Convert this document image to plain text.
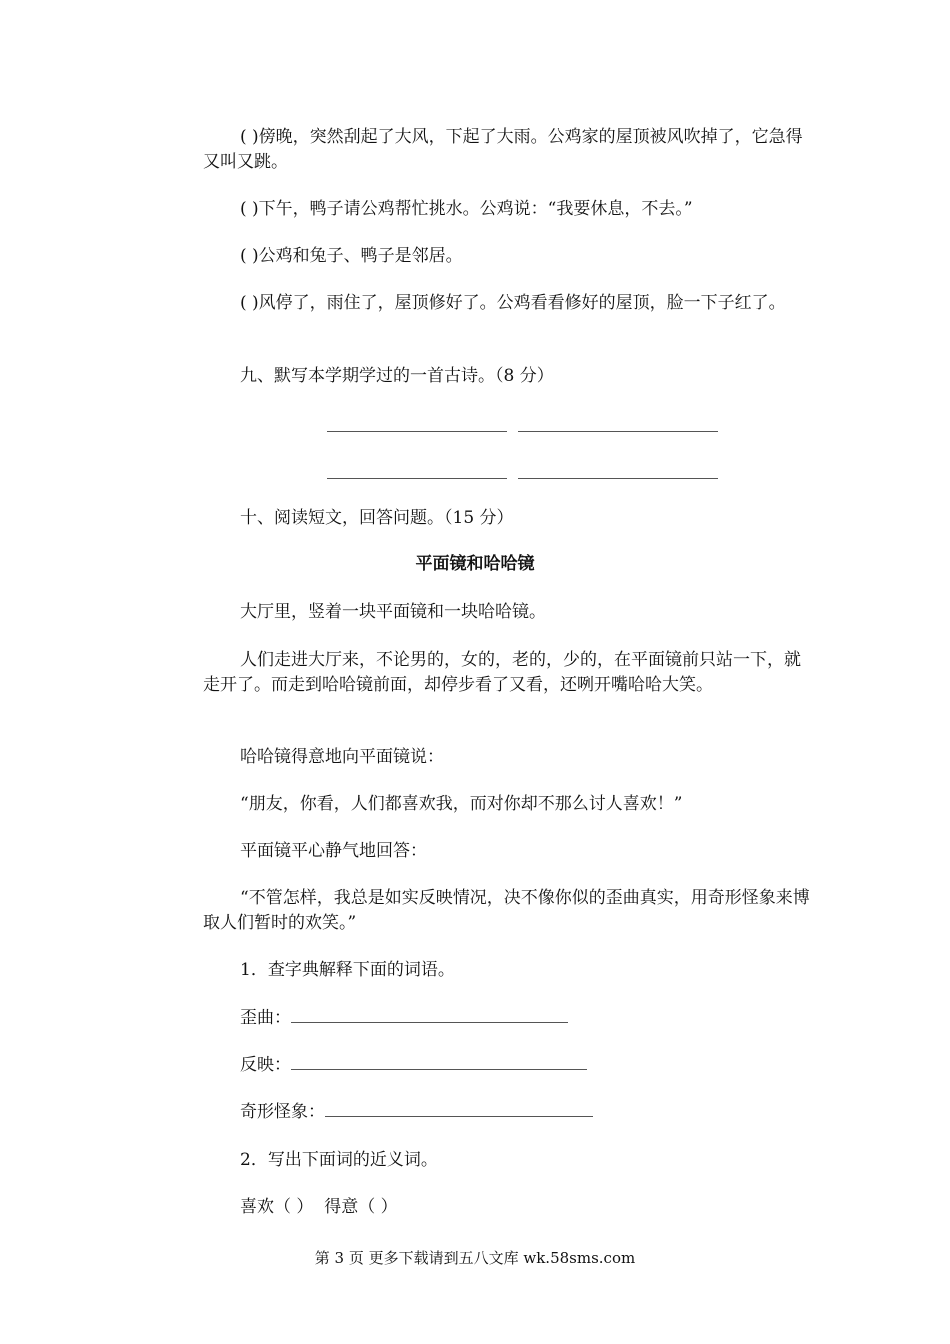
( )傍晚，突然刮起了大风，下起了大雨。公鸡家的屋顶被风吹掉了，它急得又叫又跳。

( )下午，鸭子请公鸡帮忙挑水。公鸡说：“我要休息，不去。”

( )公鸡和兔子、鸭子是邻居。

( )风停了，雨住了，屋顶修好了。公鸡看看修好的屋顶，脸一下子红了。

九、默写本学期学过的一首古诗。（8 分）

十、阅读短文，回答问题。（15 分）

平面镜和哈哈镜

大厅里，竖着一块平面镜和一块哈哈镜。

人们走进大厅来，不论男的，女的，老的，少的，在平面镜前只站一下，就走开了。而走到哈哈镜前面，却停步看了又看，还咧开嘴哈哈大笑。

哈哈镜得意地向平面镜说：

“朋友，你看，人们都喜欢我，而对你却不那么讨人喜欢！”

平面镜平心静气地回答：

“不管怎样，我总是如实反映情况，决不像你似的歪曲真实，用奇形怪象来博取人们暂时的欢笑。”

1．查字典解释下面的词语。

歪曲：

反映：

奇形怪象：

2．写出下面词的近义词。

喜欢（ ）  得意（ ）

第 3 页 更多下载请到五八文库 wk.58sms.com
